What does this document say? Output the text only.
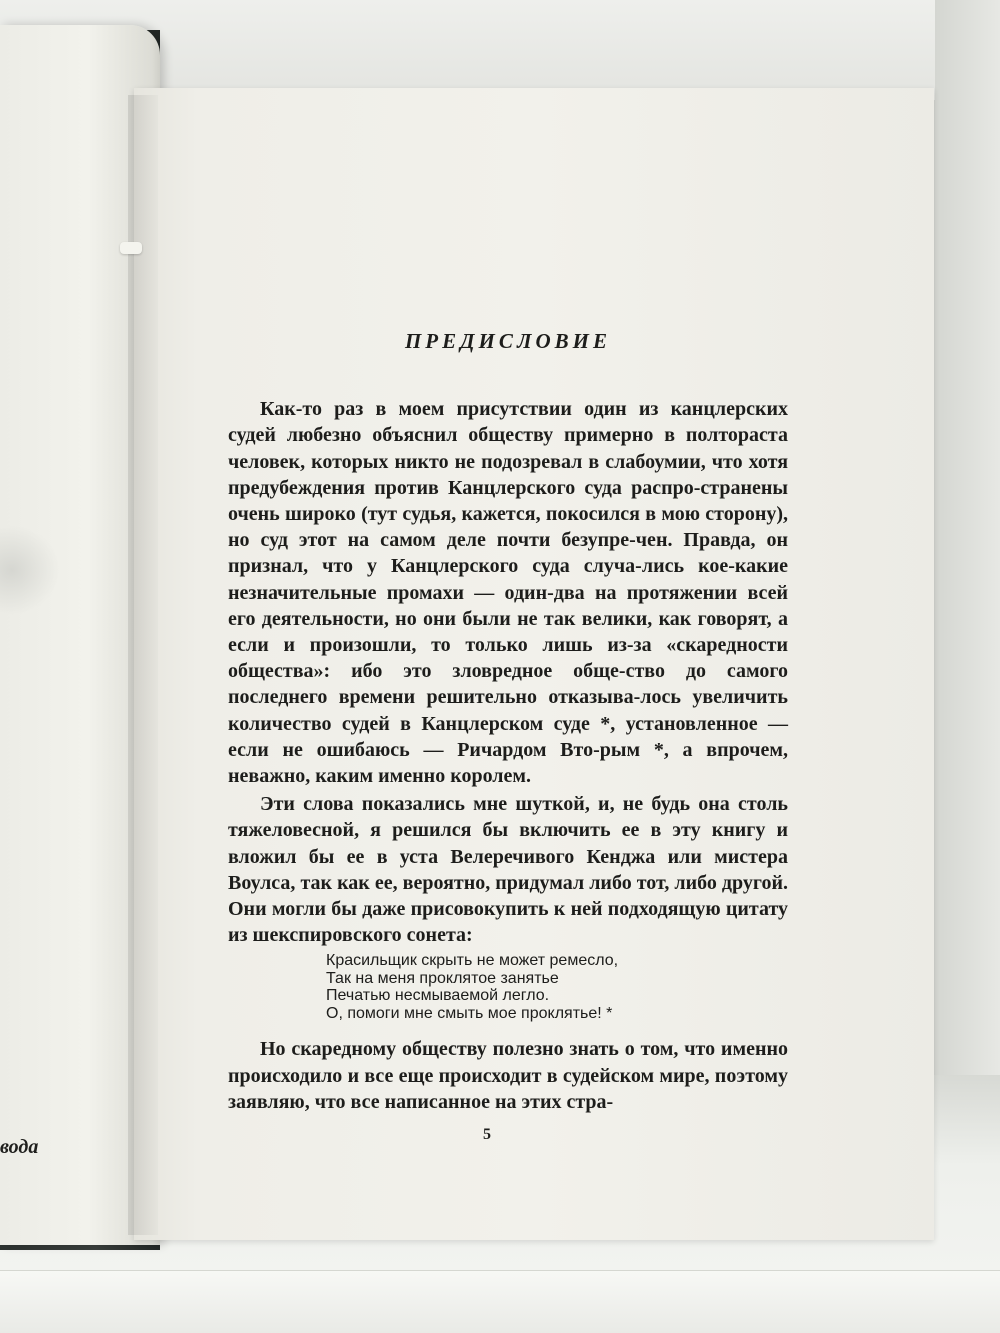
вода
ПРЕДИСЛОВИЕ

Как-то раз в моем присутствии один из канцлерских судей любезно объяснил обществу примерно в полтораста человек, которых никто не подозревал в слабоумии, что хотя предубеждения против Канцлерского суда распро-странены очень широко (тут судья, кажется, покосился в мою сторону), но суд этот на самом деле почти безупре-чен. Правда, он признал, что у Канцлерского суда случа-лись кое-какие незначительные промахи — один-два на протяжении всей его деятельности, но они были не так велики, как говорят, а если и произошли, то только лишь из-за «скаредности общества»: ибо это зловредное обще-ство до самого последнего времени решительно отказыва-лось увеличить количество судей в Канцлерском суде *, установленное — если не ошибаюсь — Ричардом Вто-рым *, а впрочем, неважно, каким именно королем.

Эти слова показались мне шуткой, и, не будь она столь тяжеловесной, я решился бы включить ее в эту книгу и вложил бы ее в уста Велеречивого Кенджа или мистера Воулса, так как ее, вероятно, придумал либо тот, либо другой. Они могли бы даже присовокупить к ней подходящую цитату из шекспировского сонета:

Красильщик скрыть не может ремесло,
Так на меня проклятое занятье
Печатью несмываемой легло.
О, помоги мне смыть мое проклятье! *

Но скаредному обществу полезно знать о том, что именно происходило и все еще происходит в судейском мире, поэтому заявляю, что все написанное на этих стра-

5
